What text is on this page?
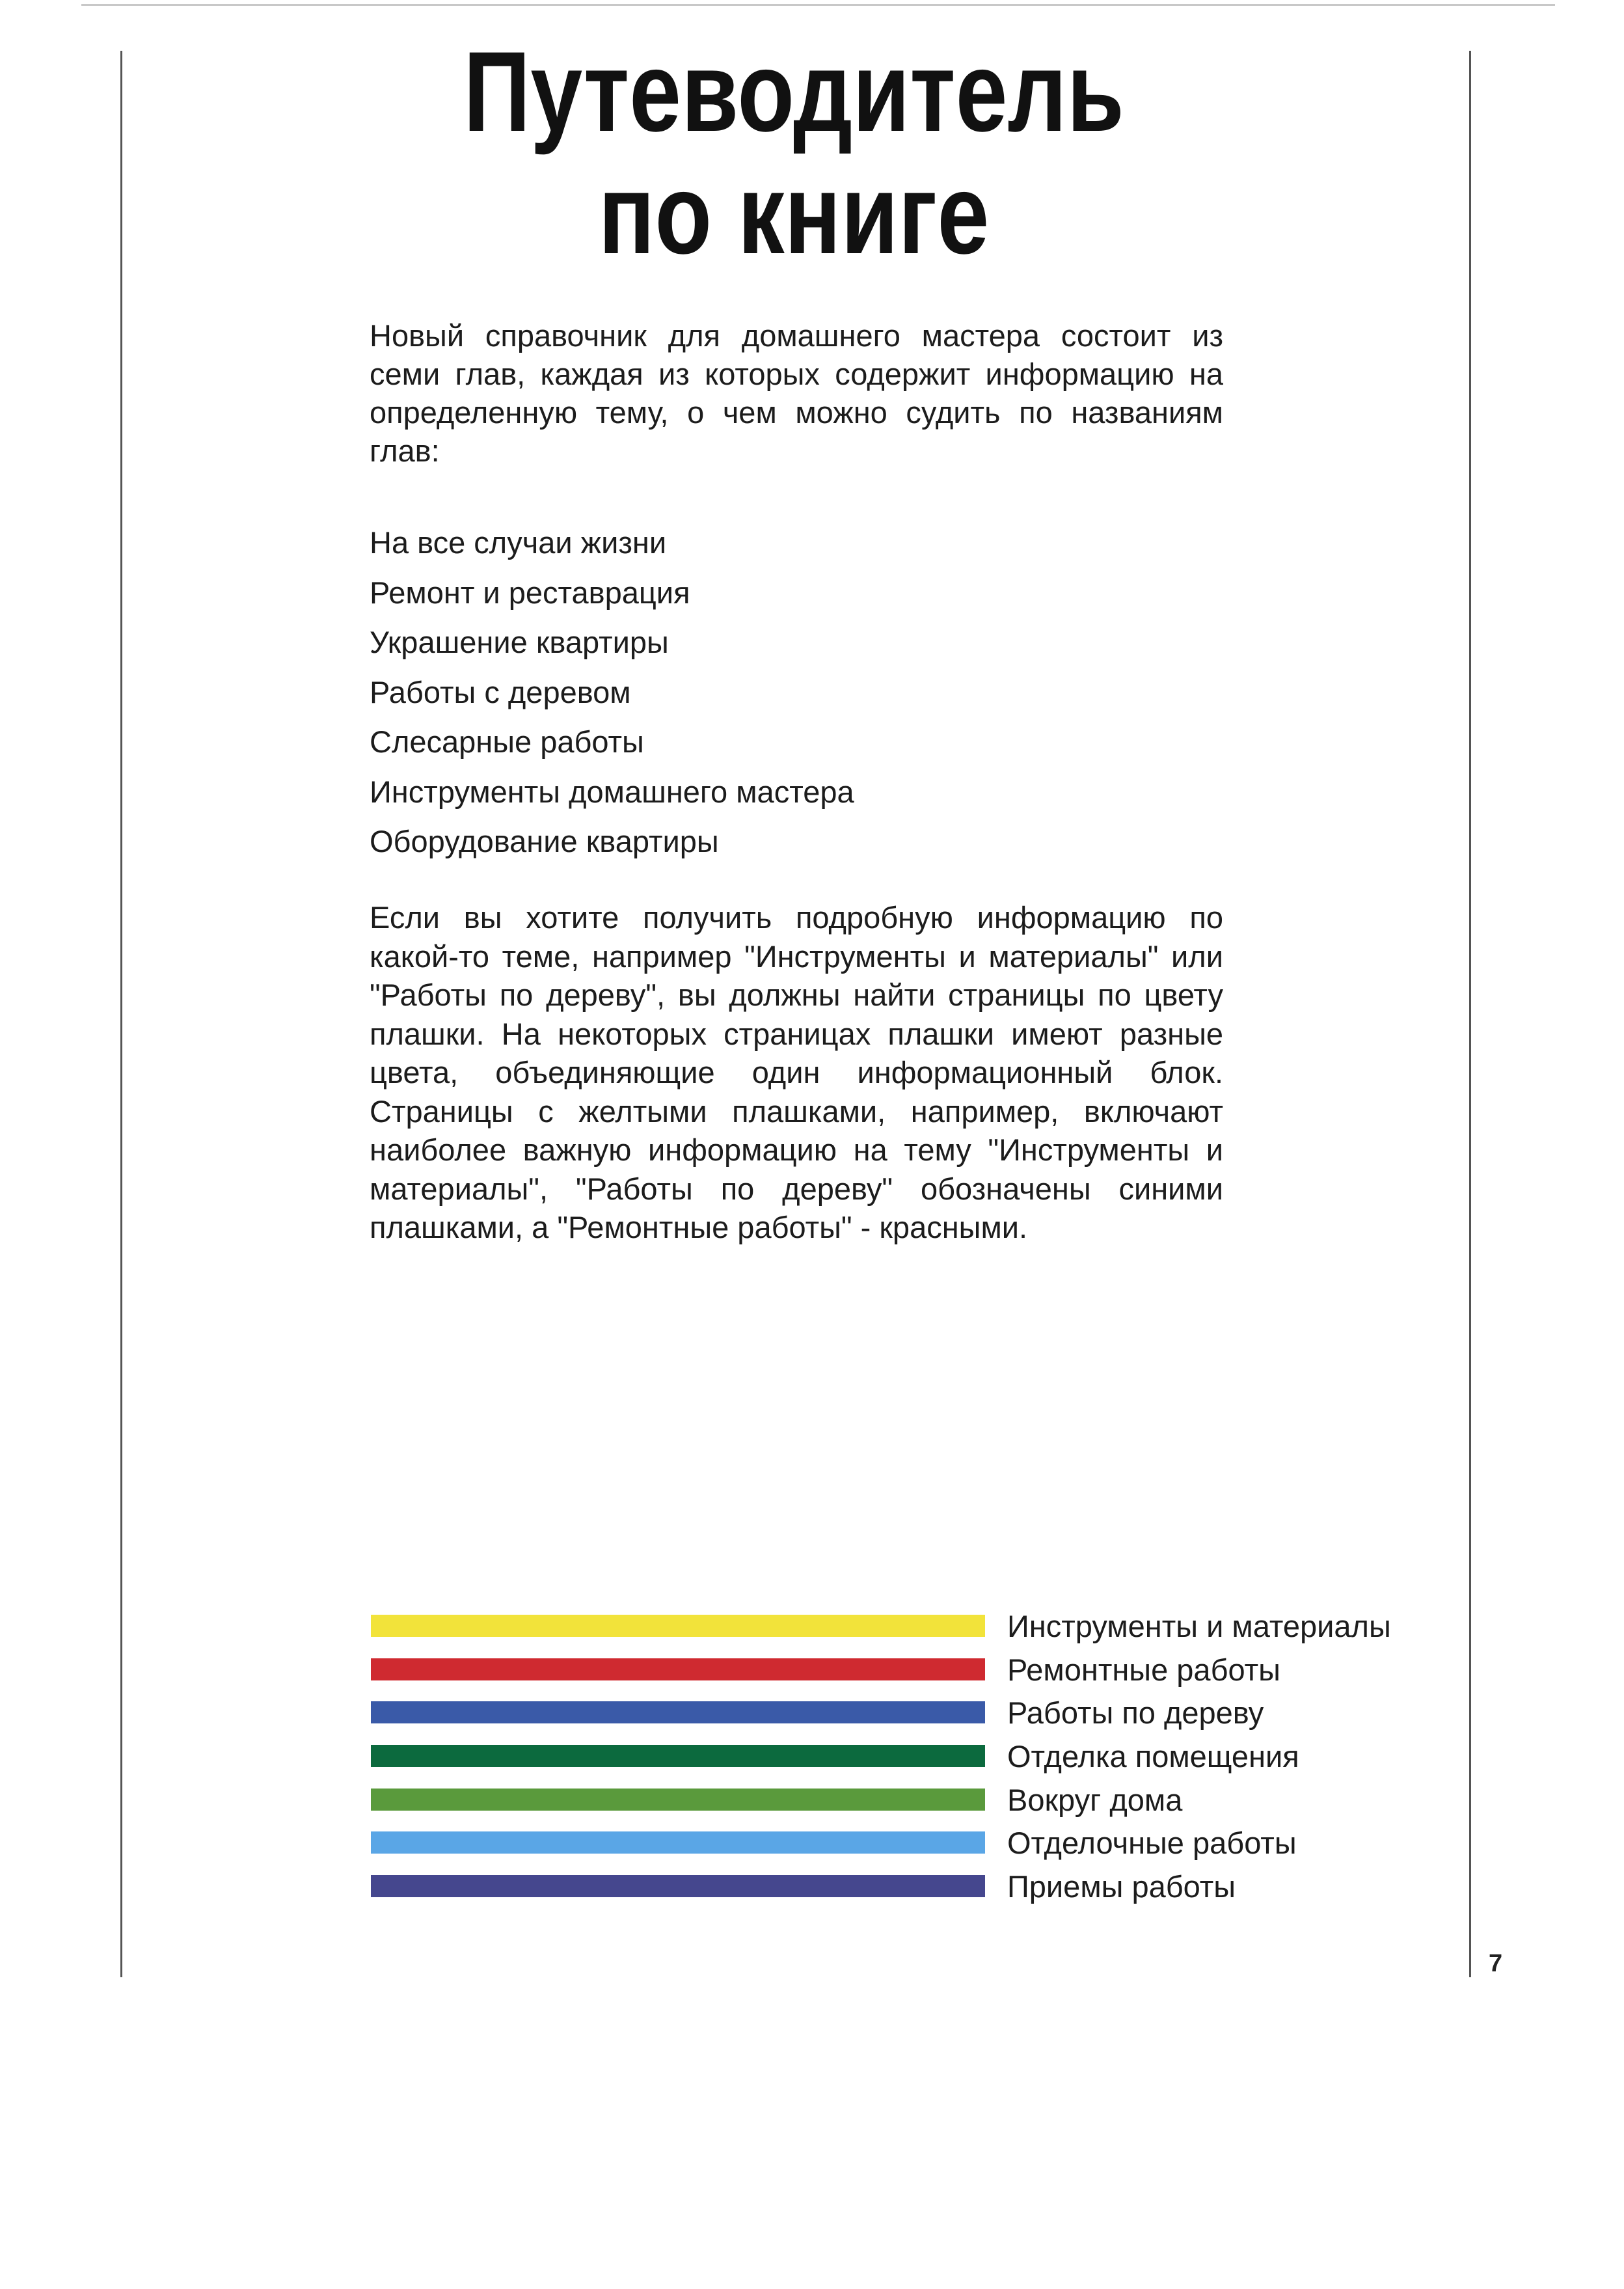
Путеводитель
по книге

Новый справочник для домашнего мастера состоит из семи глав, каждая из которых содержит информацию на определенную тему, о чем можно судить по названиям глав:

На все случаи жизни
Ремонт и реставрация
Украшение квартиры
Работы с деревом
Слесарные работы
Инструменты домашнего мастера
Оборудование квартиры

Если вы хотите получить подробную информацию по какой-то теме, например "Инструменты и материалы" или "Работы по дереву", вы должны найти страницы по цвету плашки. На некоторых страницах плашки имеют разные цвета, объединяющие один информационный блок. Страницы с желтыми плашками, например, включают наиболее важную информацию на тему "Инструменты и материалы", "Работы по дереву" обозначены синими плашками, а "Ремонтные работы" - красными.

Инструменты и материалы
Ремонтные работы
Работы по дереву
Отделка помещения
Вокруг дома
Отделочные работы
Приемы работы
7
